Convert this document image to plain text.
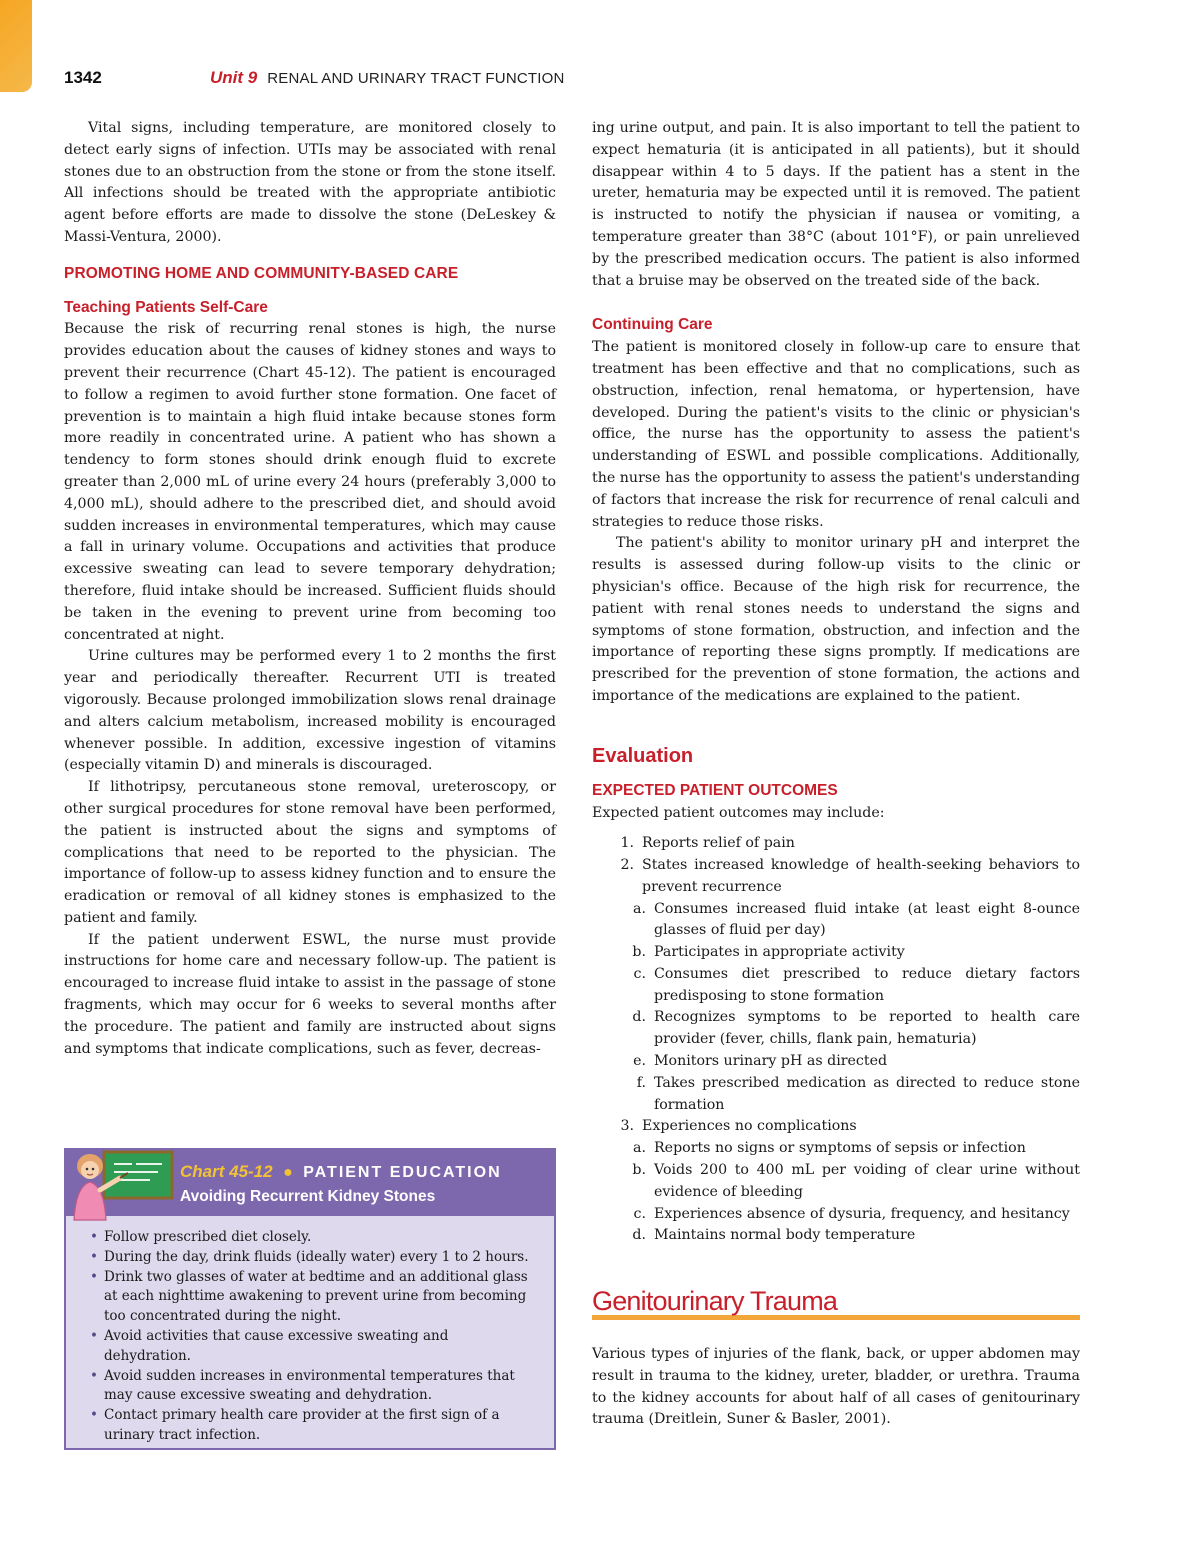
1342	Unit 9 RENAL AND URINARY TRACT FUNCTION

Vital signs, including temperature, are monitored closely to detect early signs of infection. UTIs may be associated with renal stones due to an obstruction from the stone or from the stone itself. All infections should be treated with the appropriate antibiotic agent before efforts are made to dissolve the stone (DeLeskey & Massi-Ventura, 2000).

PROMOTING HOME AND COMMUNITY-BASED CARE
Teaching Patients Self-Care

Because the risk of recurring renal stones is high, the nurse provides education about the causes of kidney stones and ways to prevent their recurrence (Chart 45-12). The patient is encouraged to follow a regimen to avoid further stone formation. One facet of prevention is to maintain a high fluid intake because stones form more readily in concentrated urine. A patient who has shown a tendency to form stones should drink enough fluid to excrete greater than 2,000 mL of urine every 24 hours (preferably 3,000 to 4,000 mL), should adhere to the prescribed diet, and should avoid sudden increases in environmental temperatures, which may cause a fall in urinary volume. Occupations and activities that produce excessive sweating can lead to severe temporary dehydration; therefore, fluid intake should be increased. Sufficient fluids should be taken in the evening to prevent urine from becoming too concentrated at night.

Urine cultures may be performed every 1 to 2 months the first year and periodically thereafter. Recurrent UTI is treated vigorously. Because prolonged immobilization slows renal drainage and alters calcium metabolism, increased mobility is encouraged whenever possible. In addition, excessive ingestion of vitamins (especially vitamin D) and minerals is discouraged.

If lithotripsy, percutaneous stone removal, ureteroscopy, or other surgical procedures for stone removal have been performed, the patient is instructed about the signs and symptoms of complications that need to be reported to the physician. The importance of follow-up to assess kidney function and to ensure the eradication or removal of all kidney stones is emphasized to the patient and family.

If the patient underwent ESWL, the nurse must provide instructions for home care and necessary follow-up. The patient is encouraged to increase fluid intake to assist in the passage of stone fragments, which may occur for 6 weeks to several months after the procedure. The patient and family are instructed about signs and symptoms that indicate complications, such as fever, decreas-

Chart 45-12 ● PATIENT EDUCATION
Avoiding Recurrent Kidney Stones
• Follow prescribed diet closely.
• During the day, drink fluids (ideally water) every 1 to 2 hours.
• Drink two glasses of water at bedtime and an additional glass at each nighttime awakening to prevent urine from becoming too concentrated during the night.
• Avoid activities that cause excessive sweating and dehydration.
• Avoid sudden increases in environmental temperatures that may cause excessive sweating and dehydration.
• Contact primary health care provider at the first sign of a urinary tract infection.

ing urine output, and pain. It is also important to tell the patient to expect hematuria (it is anticipated in all patients), but it should disappear within 4 to 5 days. If the patient has a stent in the ureter, hematuria may be expected until it is removed. The patient is instructed to notify the physician if nausea or vomiting, a temperature greater than 38°C (about 101°F), or pain unrelieved by the prescribed medication occurs. The patient is also informed that a bruise may be observed on the treated side of the back.

Continuing Care

The patient is monitored closely in follow-up care to ensure that treatment has been effective and that no complications, such as obstruction, infection, renal hematoma, or hypertension, have developed. During the patient's visits to the clinic or physician's office, the nurse has the opportunity to assess the patient's understanding of ESWL and possible complications. Additionally, the nurse has the opportunity to assess the patient's understanding of factors that increase the risk for recurrence of renal calculi and strategies to reduce those risks.

The patient's ability to monitor urinary pH and interpret the results is assessed during follow-up visits to the clinic or physician's office. Because of the high risk for recurrence, the patient with renal stones needs to understand the signs and symptoms of stone formation, obstruction, and infection and the importance of reporting these signs promptly. If medications are prescribed for the prevention of stone formation, the actions and importance of the medications are explained to the patient.

Evaluation
EXPECTED PATIENT OUTCOMES

Expected patient outcomes may include:

1. Reports relief of pain
2. States increased knowledge of health-seeking behaviors to prevent recurrence
a. Consumes increased fluid intake (at least eight 8-ounce glasses of fluid per day)
b. Participates in appropriate activity
c. Consumes diet prescribed to reduce dietary factors predisposing to stone formation
d. Recognizes symptoms to be reported to health care provider (fever, chills, flank pain, hematuria)
e. Monitors urinary pH as directed
f. Takes prescribed medication as directed to reduce stone formation
3. Experiences no complications
a. Reports no signs or symptoms of sepsis or infection
b. Voids 200 to 400 mL per voiding of clear urine without evidence of bleeding
c. Experiences absence of dysuria, frequency, and hesitancy
d. Maintains normal body temperature
Genitourinary Trauma

Various types of injuries of the flank, back, or upper abdomen may result in trauma to the kidney, ureter, bladder, or urethra. Trauma to the kidney accounts for about half of all cases of genitourinary trauma (Dreitlein, Suner & Basler, 2001).
